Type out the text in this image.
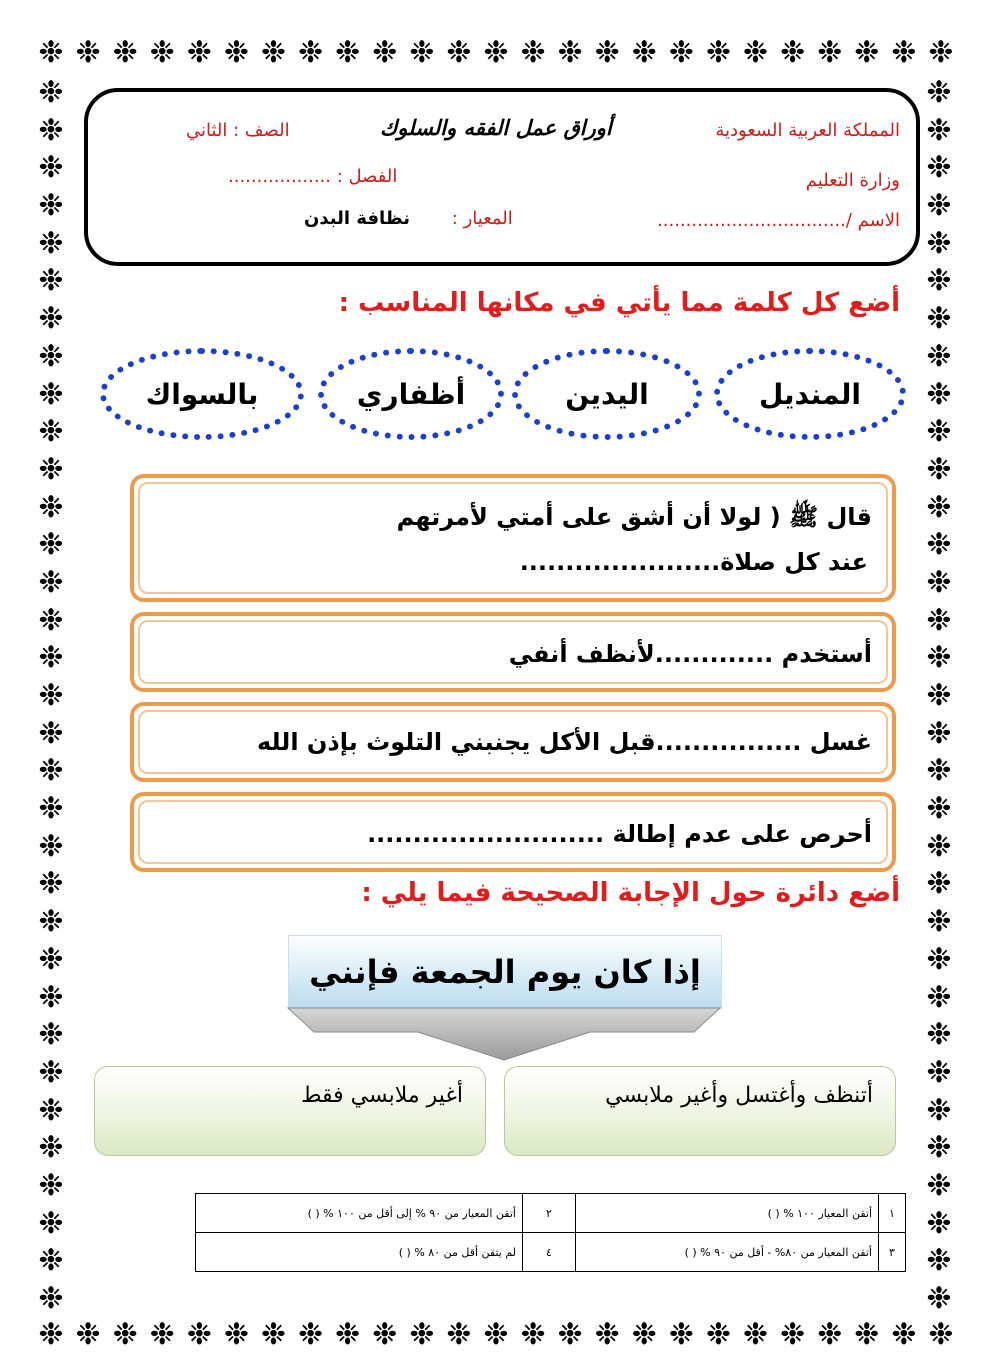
❉ ❉ ❉ ❉ ❉ ❉ ❉ ❉ ❉ ❉ ❉ ❉ ❉ ❉ ❉ ❉ ❉ ❉ ❉ ❉ ❉ ❉ ❉ ❉ ❉
❉ ❉ ❉ ❉ ❉ ❉ ❉ ❉ ❉ ❉ ❉ ❉ ❉ ❉ ❉ ❉ ❉ ❉ ❉ ❉ ❉ ❉ ❉ ❉ ❉
❉
❉
❉
❉
❉
❉
❉
❉
❉
❉
❉
❉
❉
❉
❉
❉
❉
❉
❉
❉
❉
❉
❉
❉
❉
❉
❉
❉
❉
❉
❉
❉
❉
❉
❉
❉
❉
❉
❉
❉
❉
❉
❉
❉
❉
❉
❉
❉
❉
❉
❉
❉
❉
❉
❉
❉
❉
❉
❉
❉
❉
❉
❉
❉
❉
❉
المملكة العربية السعودية
وزارة التعليم
الاسم /.................................
أوراق عمل الفقه والسلوك
الصف : الثاني
الفصل : ..................
المعيار : نظافة البدن
أضع كل كلمة مما يأتي في مكانها المناسب :
المنديل
اليدين
أظفاري
بالسواك
قال ﷺ ( لولا أن أشق على أمتي لأمرتهم
عند كل صلاة......................
أستخدم .............لأنظف أنفي
غسل ................قبل الأكل يجنبني التلوث بإذن الله
أحرص على عدم إطالة ..........................
أضع دائرة حول الإجابة الصحيحة فيما يلي :
إذا كان يوم الجمعة فإنني
أتنظف وأغتسل وأغير ملابسي
أغير ملابسي فقط
١	أتقن المعيار ١٠٠ % ( )	٢	أتقن المعيار من ٩٠ % إلى أقل من ١٠٠ % ( )
٣	أتقن المعيار من ٨٠% - أقل من ٩٠ % ( )	٤	لم يتقن أقل من ٨٠ % ( )
